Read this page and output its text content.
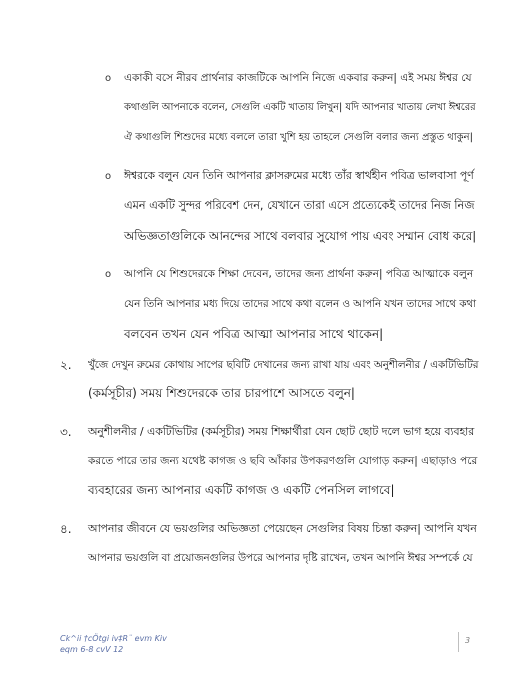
o একাকী বসে নীরব প্রার্থনার কাজটিকে আপনি নিজে একবার করুন| এই সময় ঈশ্বর যে
কথাগুলি আপনাকে বলেন, সেগুলি একটি খাতায় লিখুন| যদি আপনার খাতায় লেখা ঈশ্বরের
ঐ কথাগুলি শিশুদের মধ্যে বললে তারা খুশি হয় তাহলে সেগুলি বলার জন্য প্রস্তুত থাকুন|
o ঈশ্বরকে বলুন যেন তিনি আপনার ক্লাসরুমের মধ্যে তাঁর স্বার্থহীন পবিত্র ভালবাসা পূর্ণ
এমন একটি সুন্দর পরিবেশ দেন, যেখানে তারা এসে প্রত্যেকেই তাদের নিজ নিজ
অভিজ্ঞতাগুলিকে আনন্দের সাথে বলবার সুযোগ পায় এবং সম্মান বোধ করে|
o আপনি যে শিশুদেরকে শিক্ষা দেবেন, তাদের জন্য প্রার্থনা করুন| পবিত্র আত্মাকে বলুন
যেন তিনি আপনার মধ্য দিয়ে তাদের সাথে কথা বলেন ও আপনি যখন তাদের সাথে কথা
বলবেন তখন যেন পবিত্র আত্মা আপনার সাথে থাকেন|
২. খুঁজে দেখুন রুমের কোথায় সাপের ছবিটি দেখানের জন্য রাখা যায় এবং অনুশীলনীর / একটিভিটির
(কর্মসূচীর) সময় শিশুদেরকে তার চারপাশে আসতে বলুন|
৩. অনুশীলনীর / একটিভিটির (কর্মসূচীর) সময় শিক্ষার্থীরা যেন ছোট ছোট দলে ভাগ হয়ে ব্যবহার
করতে পারে তার জন্য যথেষ্ট কাগজ ও ছবি আঁকার উপকরণগুলি যোগাড় করুন| এছাড়াও পরে
ব্যবহারের জন্য আপনার একটি কাগজ ও একটি পেনসিল লাগবে|
৪. আপনার জীবনে যে ভয়গুলির অভিজ্ঞতা পেয়েছেন সেগুলির বিষয় চিন্তা করুন| আপনি যখন
আপনার ভয়গুলি বা প্রয়োজনগুলির উপরে আপনার দৃষ্টি রাখেন, তখন আপনি ঈশ্বর সম্পর্কে যে
Ck^ii †cÖtgi iv‡R¨ evm Kiv
eqm 6-8 cvV 12
3
